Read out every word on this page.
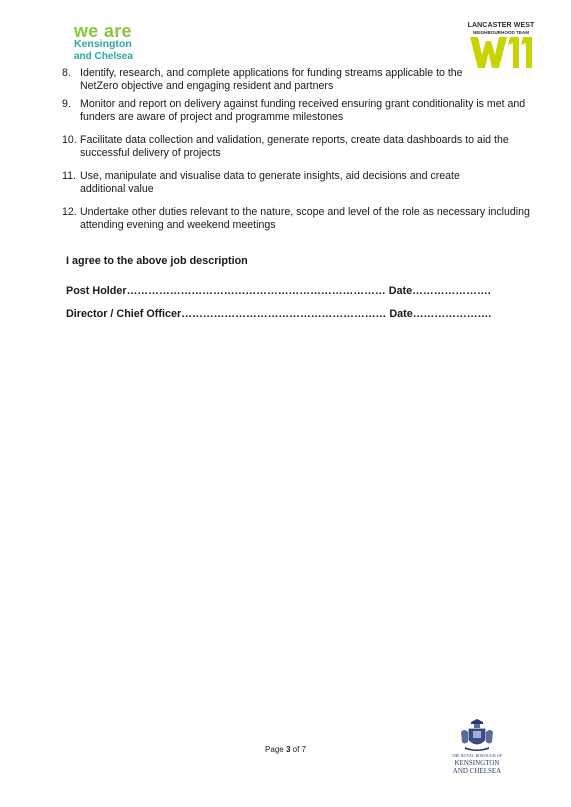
we are
Kensington
and Chelsea
LANCASTER WEST
NEIGHBOURHOOD TEAM
8. Identify, research, and complete applications for funding streams applicable to the NetZero objective and engaging resident and partners
9. Monitor and report on delivery against funding received ensuring grant conditionality is met and funders are aware of project and programme milestones
10. Facilitate data collection and validation, generate reports, create data dashboards to aid the successful delivery of projects
11. Use, manipulate and visualise data to generate insights, aid decisions and create additional value
12. Undertake other duties relevant to the nature, scope and level of the role as necessary including attending evening and weekend meetings
I agree to the above job description
Post Holder……………………………………………………………… Date………………….
Director / Chief Officer………………………………………………… Date………………….
Page 3 of 7
THE ROYAL BOROUGH OF
KENSINGTON
AND CHELSEA
